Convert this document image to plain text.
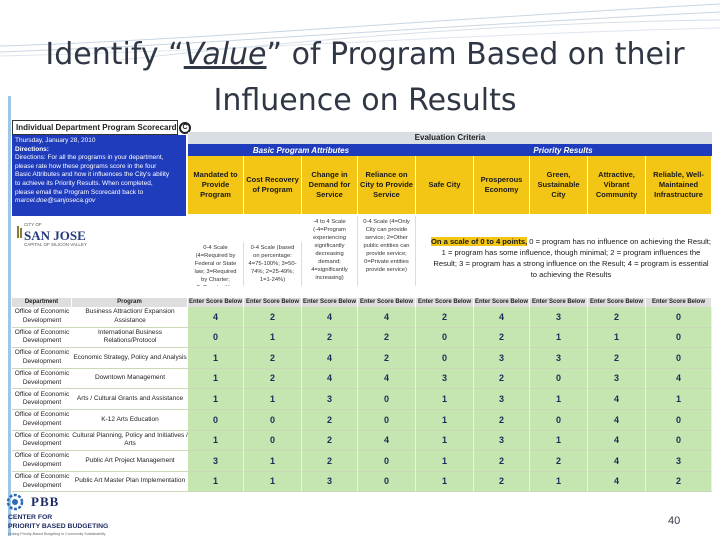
Identify “Value” of Program Based on their Influence on Results
Individual Department Program Scorecard C
Thursday, January 28, 2010
Directions:
Directions: For all the programs in your department,
please rate how these programs score in the four
Basic Attributes and how it influences the City's ability
to achieve its Priority Results. When completed,
please email the Program Scorecard back to
marcel.doe@sanjoseca.gov
Evaluation Criteria
Basic Program Attributes	Priority Results
Mandated to Provide Program
Cost Recovery of Program
Change in Demand for Service
Reliance on City to Provide Service
Safe City
Prosperous Economy
Green, Sustainable City
Attractive, Vibrant Community
Reliable, Well-Maintained Infrastructure
CITY OF
SAN JOSE
CAPITAL OF SILICON VALLEY
0-4 Scale (4=Required by Federal or State law; 3=Required by Charter;
0-4 Scale (based on percentage: 4=75-100%; 3=50-74%; 2=25-49%; 1=1-24%)
-4 to 4 Scale (-4=Program experiencing significantly decreasing demand; 4=significantly increasing)
0-4 Scale (4=Only City can provide service; 2=Other public entities can provide service; 0=Private entities provide service)
On a scale of 0 to 4 points, 0 = program has no influence on achieving the Result; 1 = program has some influence, though minimal; 2 = program influences the Result; 3 = program has a strong influence on the Result; 4 = program is essential to achieving the Results
Department	Program	Enter Score Below Enter Score Below Enter Score Below Enter Score Below Enter Score Below Enter Score Below Enter Score Below Enter Score Below	Enter Score Below
Office of Economic Development
Business Attraction/ Expansion Assistance	4	2	4	4	2	4	3	2	0
Office of Economic Development
International Business Relations/Protocol	0	1	2	2	0	2	1	1	0
Office of Economic Development
Economic Strategy, Policy and Analysis	1	2	4	2	0	3	3	2	0
Office of Economic Development
Downtown Management	1	2	4	4	3	2	0	3	4
Office of Economic Development
Arts / Cultural Grants and Assistance	1	1	3	0	1	3	1	4	1
Office of Economic Development
K-12 Arts Education	0	0	2	0	1	2	0	4	0
Office of Economic Development
Cultural Planning, Policy and Initiatives / Arts	1	0	2	4	1	3	1	4	0
Office of Economic Development
Public Art Project Management	3	1	2	0	1	2	2	4	3
Office of Economic Development
Public Art Master Plan Implementation	1	1	3	0	1	2	1	4	2
PBB
CENTER FOR
PRIORITY BASED BUDGETING
Linking Priority-Based Budgeting to Community Sustainability
40
